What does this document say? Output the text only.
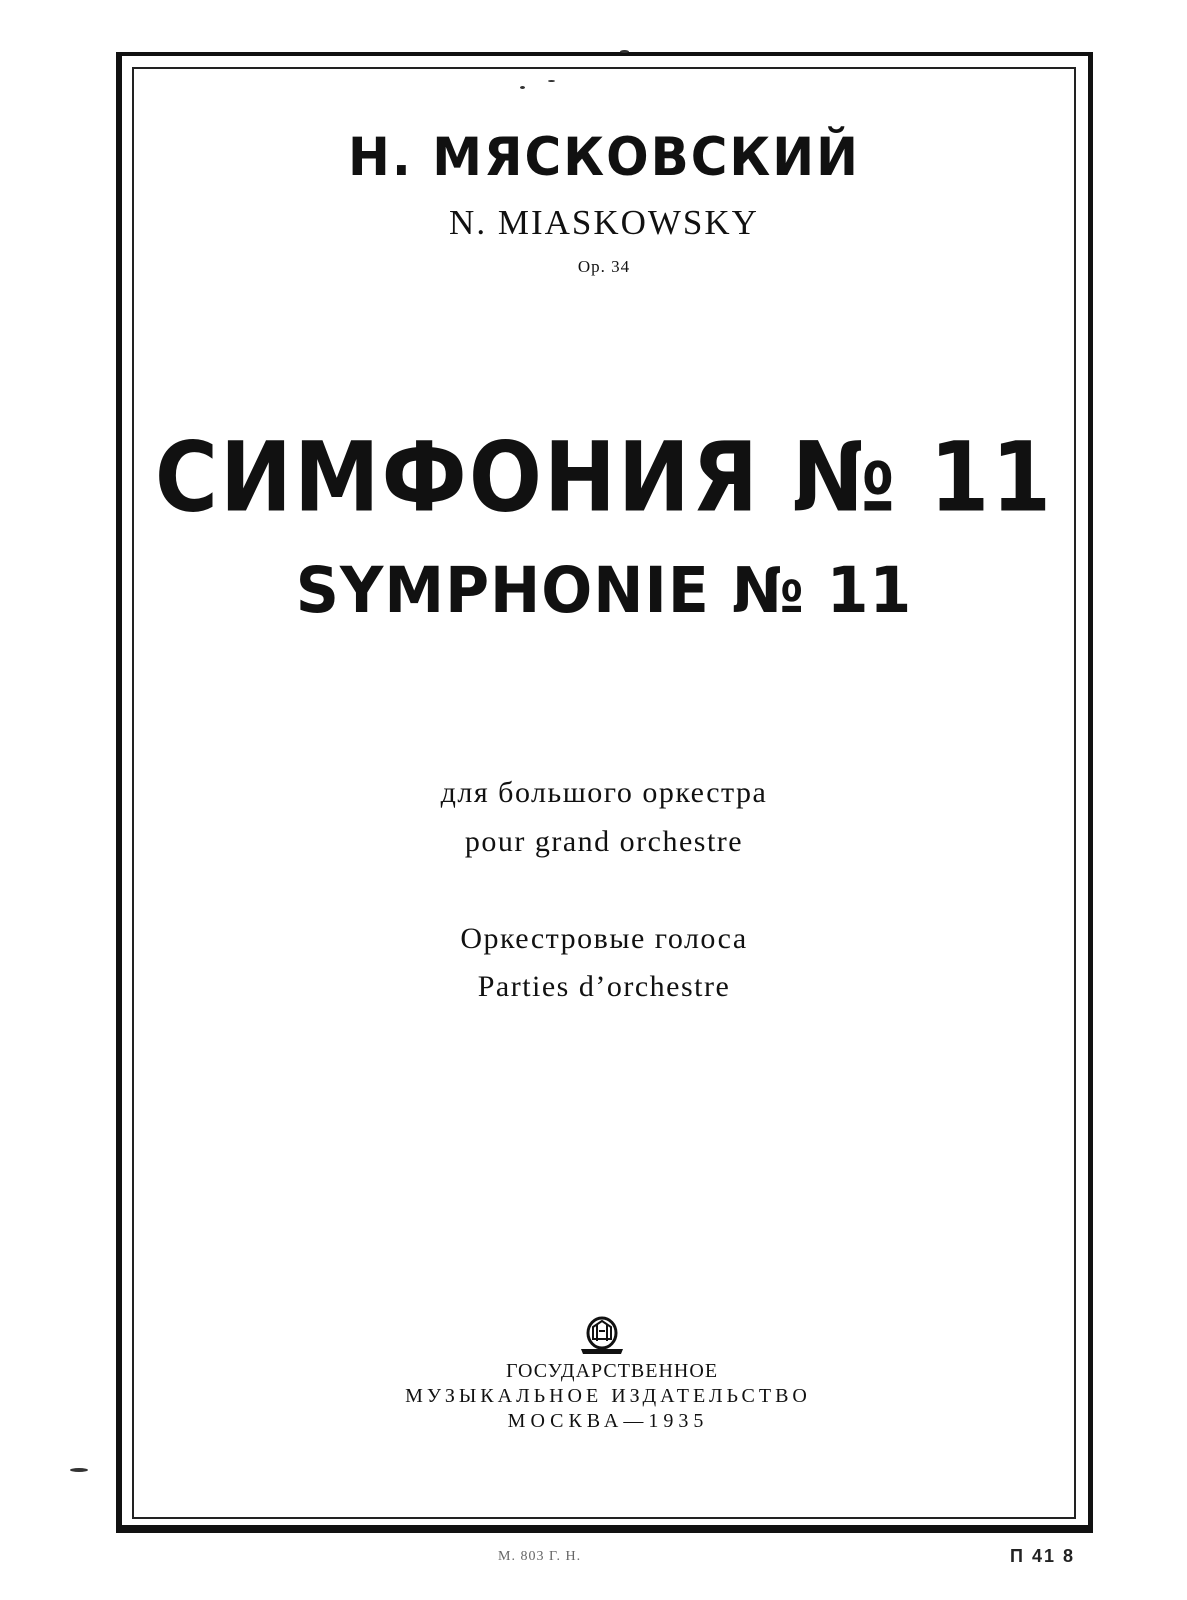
Н. МЯСКОВСКИЙ

N. MIASKOWSKY

Op. 34

СИМФОНИЯ № 11

SYMPHONIE № 11

для большого оркестра

pour grand orchestre

Оркестровые голоса

Parties d’orchestre

ГОСУДАРСТВЕННОЕ

МУЗЫКАЛЬНОЕ ИЗДАТЕЛЬСТВО

МОСКВА—1935

М. 803 Г. Н.	П 41 8
